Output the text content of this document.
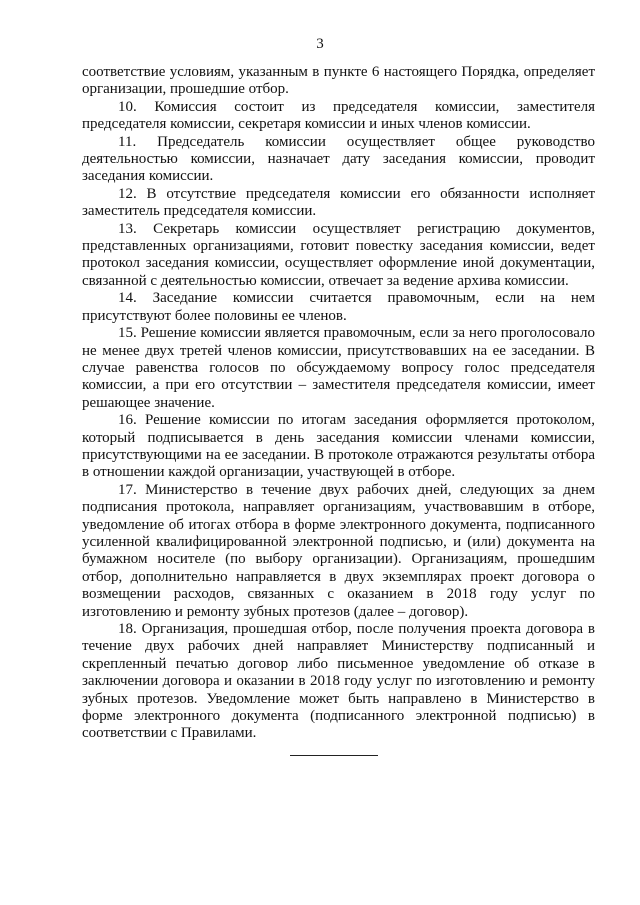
3

соответствие условиям, указанным в пункте 6 настоящего Порядка, определяет организации, прошедшие отбор.

10. Комиссия состоит из председателя комиссии, заместителя председателя комиссии, секретаря комиссии и иных членов комиссии.

11. Председатель комиссии осуществляет общее руководство деятельностью комиссии, назначает дату заседания комиссии, проводит заседания комиссии.

12. В отсутствие председателя комиссии его обязанности исполняет заместитель председателя комиссии.

13. Секретарь комиссии осуществляет регистрацию документов, представленных организациями, готовит повестку заседания комиссии, ведет протокол заседания комиссии, осуществляет оформление иной документации, связанной с деятельностью комиссии, отвечает за ведение архива комиссии.

14. Заседание комиссии считается правомочным, если на нем присутствуют более половины ее членов.

15. Решение комиссии является правомочным, если за него проголосовало не менее двух третей членов комиссии, присутствовавших на ее заседании. В случае равенства голосов по обсуждаемому вопросу голос председателя комиссии, а при его отсутствии – заместителя председателя комиссии, имеет решающее значение.

16. Решение комиссии по итогам заседания оформляется протоколом, который подписывается в день заседания комиссии членами комиссии, присутствующими на ее заседании. В протоколе отражаются результаты отбора в отношении каждой организации, участвующей в отборе.

17. Министерство в течение двух рабочих дней, следующих за днем подписания протокола, направляет организациям, участвовавшим в отборе, уведомление об итогах отбора в форме электронного документа, подписанного усиленной квалифицированной электронной подписью, и (или) документа на бумажном носителе (по выбору организации). Организациям, прошедшим отбор, дополнительно направляется в двух экземплярах проект договора о возмещении расходов, связанных с оказанием в 2018 году услуг по изготовлению и ремонту зубных протезов (далее – договор).

18. Организация, прошедшая отбор, после получения проекта договора в течение двух рабочих дней направляет Министерству подписанный и скрепленный печатью договор либо письменное уведомление об отказе в заключении договора и оказании в 2018 году услуг по изготовлению и ремонту зубных протезов. Уведомление может быть направлено в Министерство в форме электронного документа (подписанного электронной подписью) в соответствии с Правилами.
